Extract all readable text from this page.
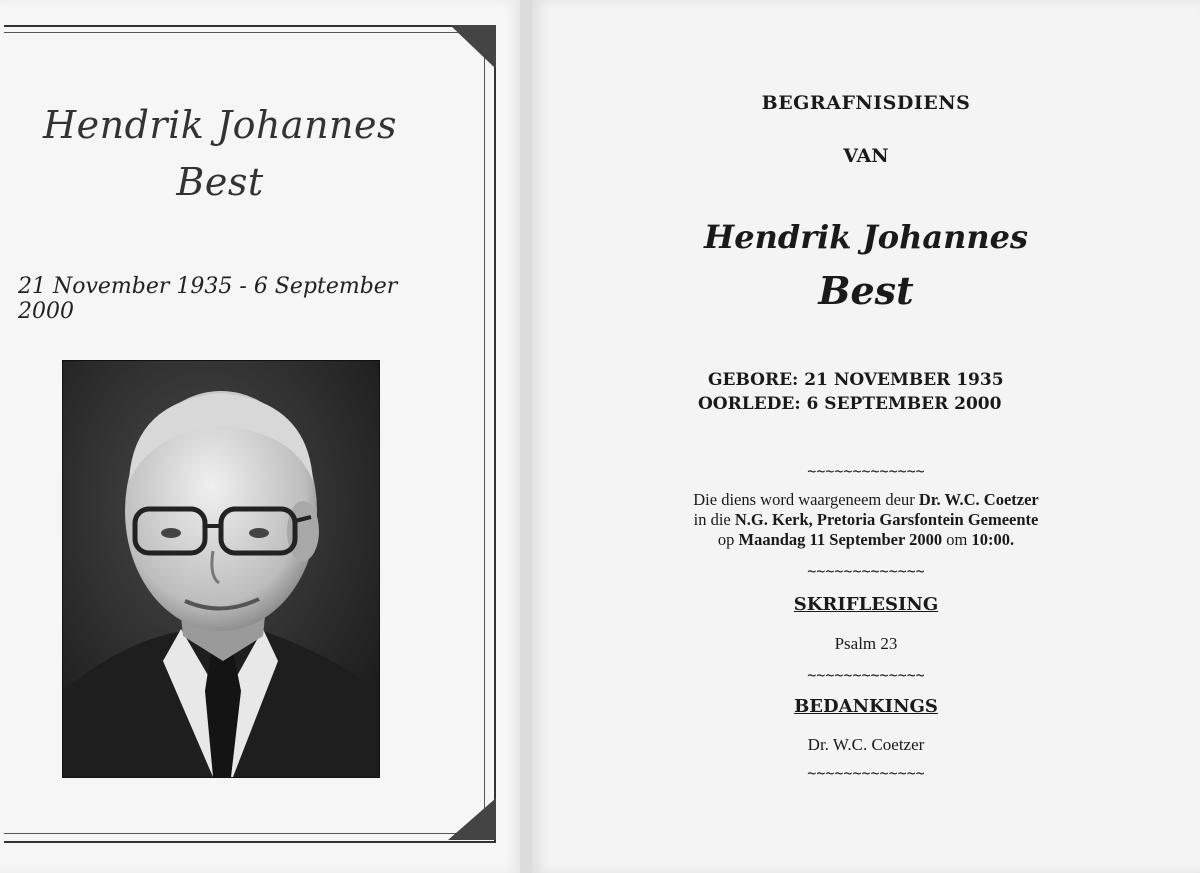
Hendrik Johannes
Best
21 November 1935 - 6 September 2000
BEGRAFNISDIENS
VAN
Hendrik Johannes
Best
GEBORE: 21 NOVEMBER 1935
OORLEDE: 6 SEPTEMBER 2000
~~~~~~~~~~~~~
Die diens word waargeneem deur Dr. W.C. Coetzer
in die N.G. Kerk, Pretoria Garsfontein Gemeente
op Maandag 11 September 2000 om 10:00.
~~~~~~~~~~~~~
SKRIFLESING
Psalm 23
~~~~~~~~~~~~~
BEDANKINGS
Dr. W.C. Coetzer
~~~~~~~~~~~~~
